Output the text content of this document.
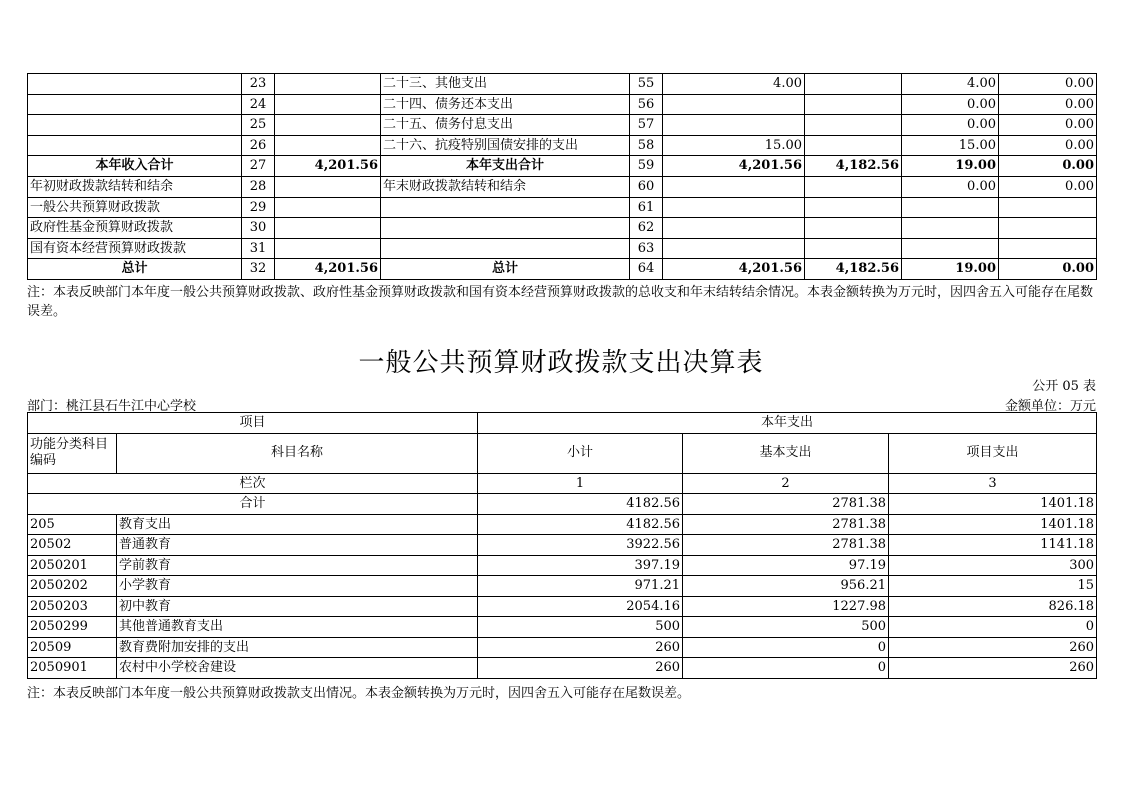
	23		二十三、其他支出	55	4.00		4.00	0.00
	24		二十四、债务还本支出	56			0.00	0.00
	25		二十五、债务付息支出	57			0.00	0.00
	26		二十六、抗疫特别国债安排的支出	58	15.00		15.00	0.00
本年收入合计	27	4,201.56	本年支出合计	59	4,201.56	4,182.56	19.00	0.00
年初财政拨款结转和结余	28		年末财政拨款结转和结余	60			0.00	0.00
一般公共预算财政拨款	29			61				
政府性基金预算财政拨款	30			62				
国有资本经营预算财政拨款	31			63				
总计	32	4,201.56	总计	64	4,201.56	4,182.56	19.00	0.00
注：本表反映部门本年度一般公共预算财政拨款、政府性基金预算财政拨款和国有资本经营预算财政拨款的总收支和年末结转结余情况。本表金额转换为万元时，因四舍五入可能存在尾数误差。
一般公共预算财政拨款支出决算表
公开 05 表
部门：桃江县石牛江中心学校	金额单位：万元
项目		本年支出		
功能分类科目编码	科目名称	小计	基本支出	项目支出
栏次		1	2	3
合计		4182.56	2781.38	1401.18
205	教育支出	4182.56	2781.38	1401.18
20502	普通教育	3922.56	2781.38	1141.18
2050201	学前教育	397.19	97.19	300
2050202	小学教育	971.21	956.21	15
2050203	初中教育	2054.16	1227.98	826.18
2050299	其他普通教育支出	500	500	0
20509	教育费附加安排的支出	260	0	260
2050901	农村中小学校舍建设	260	0	260
注：本表反映部门本年度一般公共预算财政拨款支出情况。本表金额转换为万元时，因四舍五入可能存在尾数误差。
